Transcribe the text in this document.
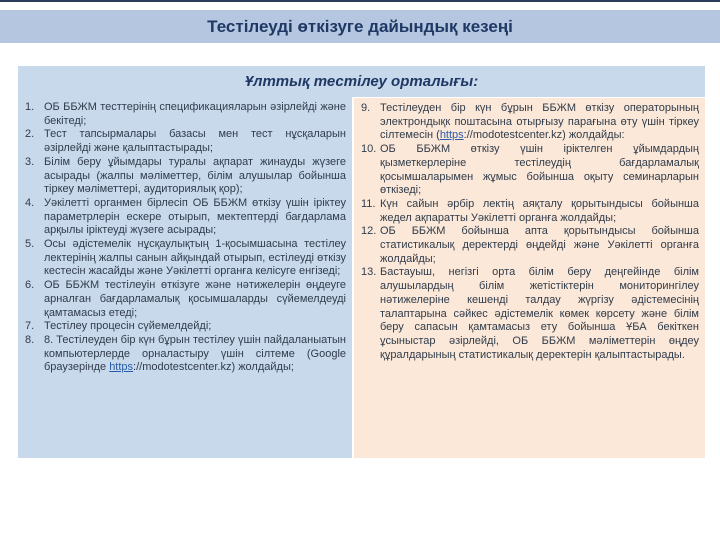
Тестілеуді өткізуге дайындық кезеңі
Ұлттық тестілеу орталығы:
1. ОБ ББЖМ тесттерінің спецификацияларын әзірлейді және бекітеді;
2. Тест тапсырмалары базасы мен тест нұсқаларын әзірлейді және қалыптастырады;
3. Білім беру ұйымдары туралы ақпарат жинауды жүзеге асырады (жалпы мәліметтер, білім алушылар бойынша тіркеу мәліметтері, аудиториялық қор);
4. Уәкілетті органмен бірлесіп ОБ ББЖМ өткізу үшін іріктеу параметрлерін ескере отырып, мектептерді бағдарлама арқылы іріктеуді жүзеге асырады;
5. Осы әдістемелік нұсқаулықтың 1-қосымшасына тестілеу лектерінің жалпы санын айқындай отырып, естілеуді өткізу кестесін жасайды және Уәкілетті органға келісуге енгізеді;
6. ОБ ББЖМ тестілеуін өткізуге және нәтижелерін өңдеуге арналған бағдарламалық қосымшаларды сүйемелдеуді қамтамасыз етеді;
7. Тестілеу процесін сүйемелдейді;
8. 8. Тестілеуден бір күн бұрын тестілеу үшін пайдаланыатын компьютерлерде орналастыру үшін сілтеме (Google браузерінде https://modotestcenter.kz) жолдайды;
9. Тестілеуден бір күн бұрын ББЖМ өткізу операторының электрондықк поштасына отырғызу парағына өту үшін тіркеу сілтемесін (https://modotestcenter.kz) жолдайды:
10. ОБ ББЖМ өткізу үшін іріктелген ұйымдардың қызметкерлеріне тестілеудің бағдарламалық қосымшаларымен жұмыс бойынша оқыту семинарларын өткізеді;
11. Күн сайын әрбір лектің аяқталу қорытындысы бойынша жедел ақпаратты Уәкілетті органға жолдайды;
12. ОБ ББЖМ бойынша апта қорытындысы бойынша статистикалық деректерді өңдейді және Уәкілетті органға жолдайды;
13. Бастауыш, негізгі орта білім беру деңгейінде білім алушылардың білім жетістіктерін мониторингілеу нәтижелеріне кешенді талдау жүргізу әдістемесінің талаптарына сәйкес әдістемелік көмек көрсету және білім беру сапасын қамтамасыз ету бойынша ҰБА бекіткен ұсыныстар әзірлейді, ОБ ББЖМ мәліметтерін өңдеу құралдарының статистикалық деректерін қалыптастырады.
